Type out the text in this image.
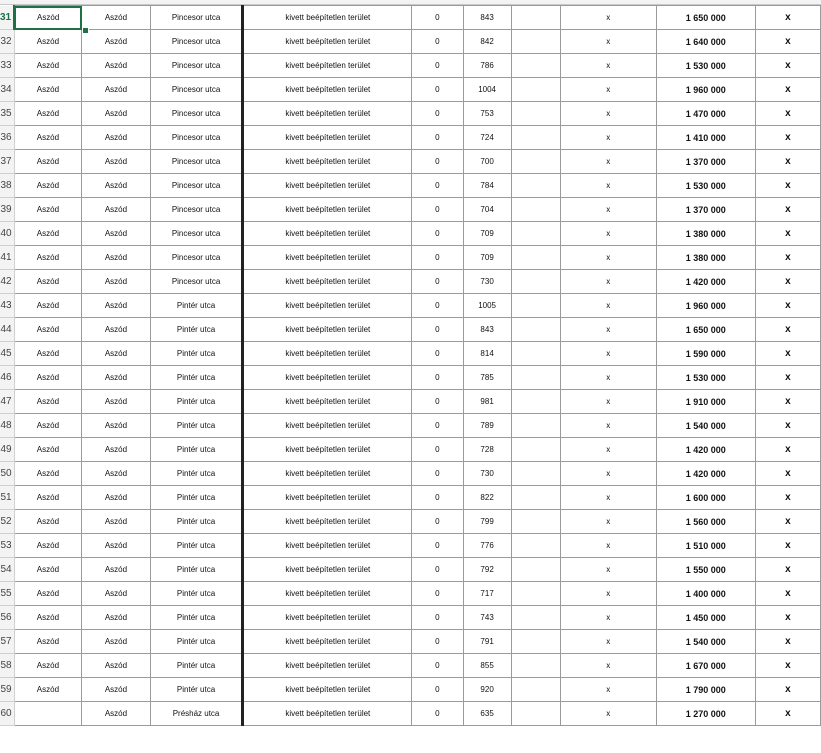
31	Aszód	Aszód	Pincesor utca	kivett beépítetlen terület	0	843		x	1 650 000	x
32	Aszód	Aszód	Pincesor utca	kivett beépítetlen terület	0	842		x	1 640 000	x
33	Aszód	Aszód	Pincesor utca	kivett beépítetlen terület	0	786		x	1 530 000	x
34	Aszód	Aszód	Pincesor utca	kivett beépítetlen terület	0	1004		x	1 960 000	x
35	Aszód	Aszód	Pincesor utca	kivett beépítetlen terület	0	753		x	1 470 000	x
36	Aszód	Aszód	Pincesor utca	kivett beépítetlen terület	0	724		x	1 410 000	x
37	Aszód	Aszód	Pincesor utca	kivett beépítetlen terület	0	700		x	1 370 000	x
38	Aszód	Aszód	Pincesor utca	kivett beépítetlen terület	0	784		x	1 530 000	x
39	Aszód	Aszód	Pincesor utca	kivett beépítetlen terület	0	704		x	1 370 000	x
40	Aszód	Aszód	Pincesor utca	kivett beépítetlen terület	0	709		x	1 380 000	x
41	Aszód	Aszód	Pincesor utca	kivett beépítetlen terület	0	709		x	1 380 000	x
42	Aszód	Aszód	Pincesor utca	kivett beépítetlen terület	0	730		x	1 420 000	x
43	Aszód	Aszód	Pintér utca	kivett beépítetlen terület	0	1005		x	1 960 000	x
44	Aszód	Aszód	Pintér utca	kivett beépítetlen terület	0	843		x	1 650 000	x
45	Aszód	Aszód	Pintér utca	kivett beépítetlen terület	0	814		x	1 590 000	x
46	Aszód	Aszód	Pintér utca	kivett beépítetlen terület	0	785		x	1 530 000	x
47	Aszód	Aszód	Pintér utca	kivett beépítetlen terület	0	981		x	1 910 000	x
48	Aszód	Aszód	Pintér utca	kivett beépítetlen terület	0	789		x	1 540 000	x
49	Aszód	Aszód	Pintér utca	kivett beépítetlen terület	0	728		x	1 420 000	x
50	Aszód	Aszód	Pintér utca	kivett beépítetlen terület	0	730		x	1 420 000	x
51	Aszód	Aszód	Pintér utca	kivett beépítetlen terület	0	822		x	1 600 000	x
52	Aszód	Aszód	Pintér utca	kivett beépítetlen terület	0	799		x	1 560 000	x
53	Aszód	Aszód	Pintér utca	kivett beépítetlen terület	0	776		x	1 510 000	x
54	Aszód	Aszód	Pintér utca	kivett beépítetlen terület	0	792		x	1 550 000	x
55	Aszód	Aszód	Pintér utca	kivett beépítetlen terület	0	717		x	1 400 000	x
56	Aszód	Aszód	Pintér utca	kivett beépítetlen terület	0	743		x	1 450 000	x
57	Aszód	Aszód	Pintér utca	kivett beépítetlen terület	0	791		x	1 540 000	x
58	Aszód	Aszód	Pintér utca	kivett beépítetlen terület	0	855		x	1 670 000	x
59	Aszód	Aszód	Pintér utca	kivett beépítetlen terület	0	920		x	1 790 000	x
60		Aszód	Présház utca	kivett beépítetlen terület	0	635		x	1 270 000	x
